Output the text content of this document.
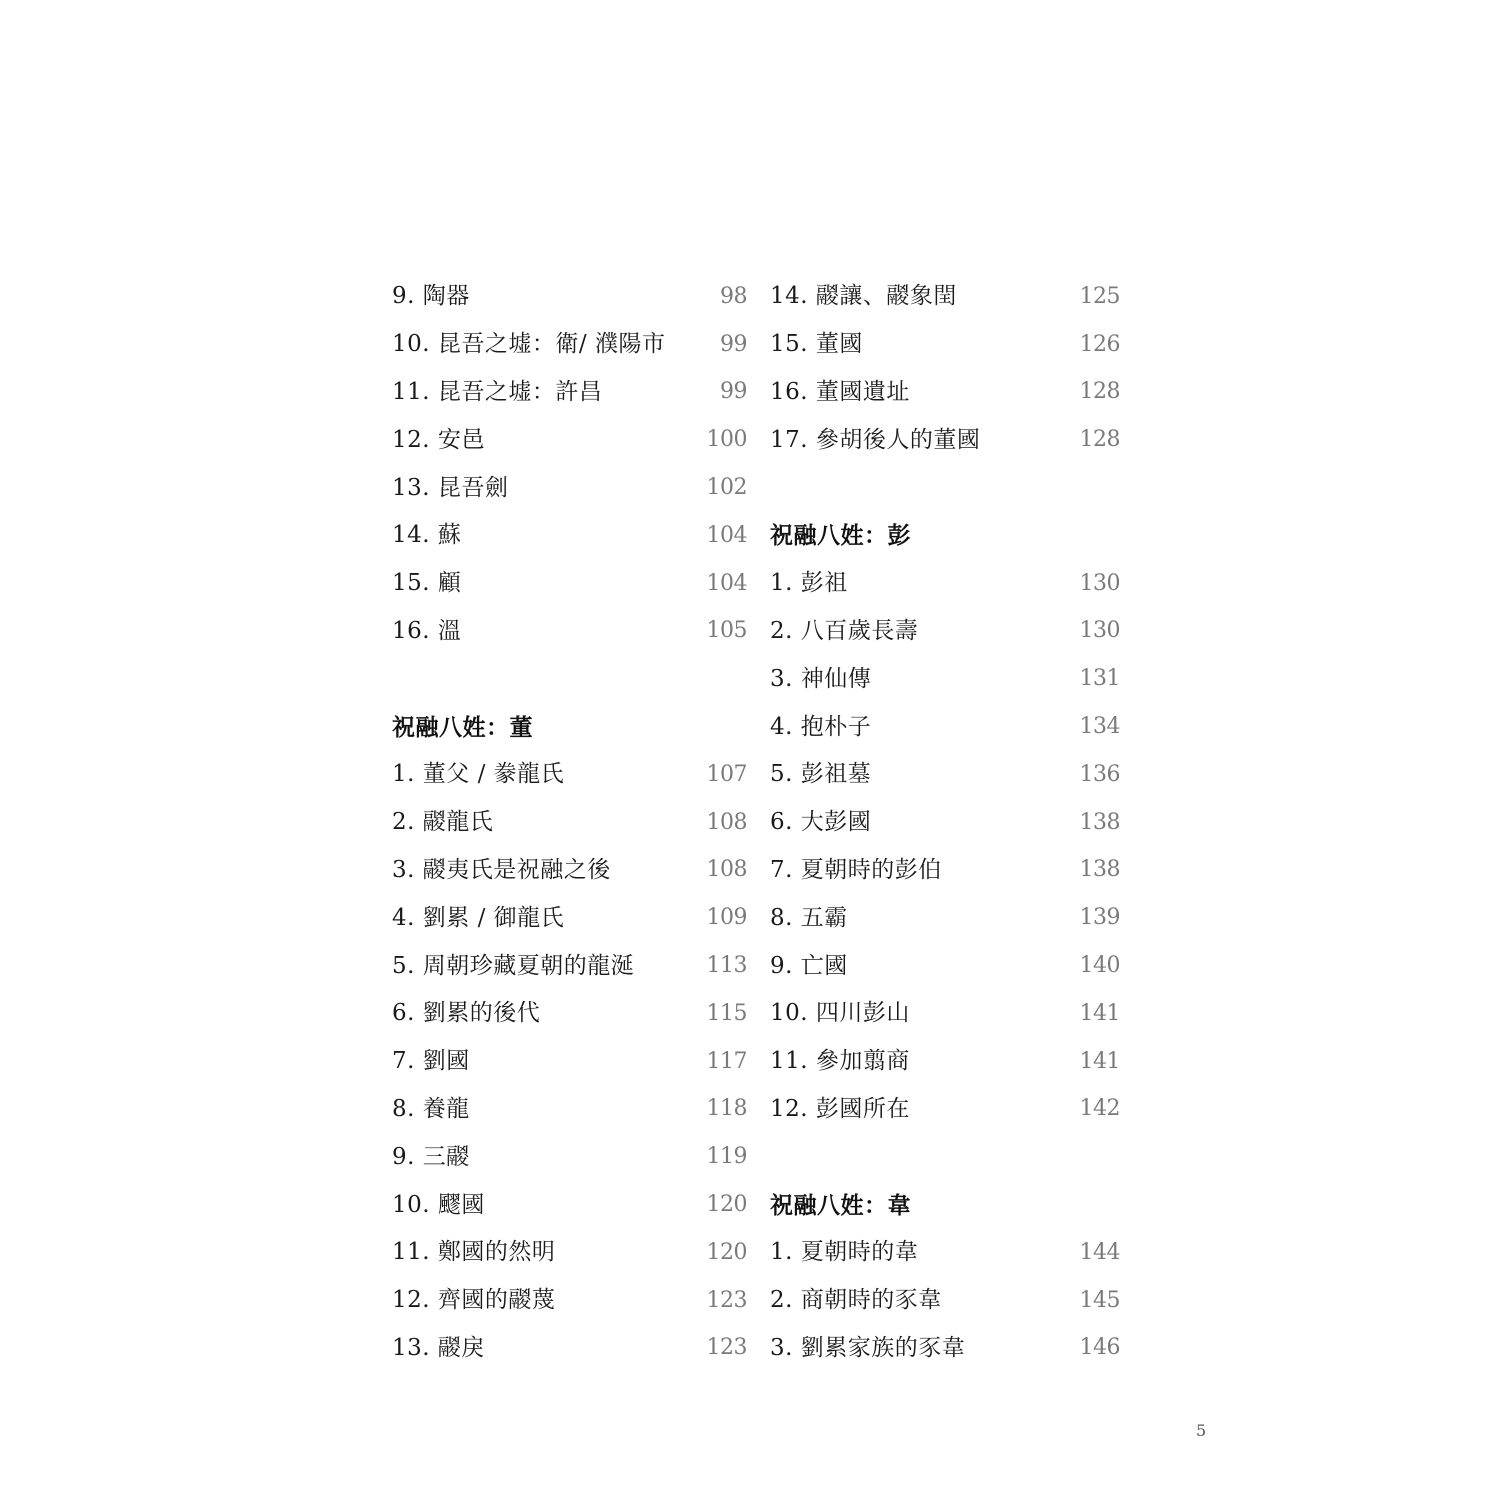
9. 陶器	98
10. 昆吾之墟：衛/ 濮陽市 99
11. 昆吾之墟：許昌	99
12. 安邑	100
13. 昆吾劍	102
14. 蘇	104
15. 顧	104
16. 溫	105
祝融八姓：董
1. 董父 / 豢龍氏	107
2. 鬷龍氏	108
3. 鬷夷氏是祝融之後	108
4. 劉累 / 御龍氏	109
5. 周朝珍藏夏朝的龍涎	113
6. 劉累的後代	115
7. 劉國	117
8. 養龍	118
9. 三鬷	119
10. 飂國	120
11. 鄭國的然明	120
12. 齊國的鬷蔑	123
13. 鬷戾	123
14. 鬷讓、鬷象閏	125
15. 董國	126
16. 董國遺址	128
17. 參胡後人的董國	128
祝融八姓：彭
1. 彭祖	130
2. 八百歲長壽	130
3. 神仙傳	131
4. 抱朴子	134
5. 彭祖墓	136
6. 大彭國	138
7. 夏朝時的彭伯	138
8. 五霸	139
9. 亡國	140
10. 四川彭山	141
11. 參加翦商	141
12. 彭國所在	142
祝融八姓：韋
1. 夏朝時的韋	144
2. 商朝時的豕韋	145
3. 劉累家族的豕韋	146
5
